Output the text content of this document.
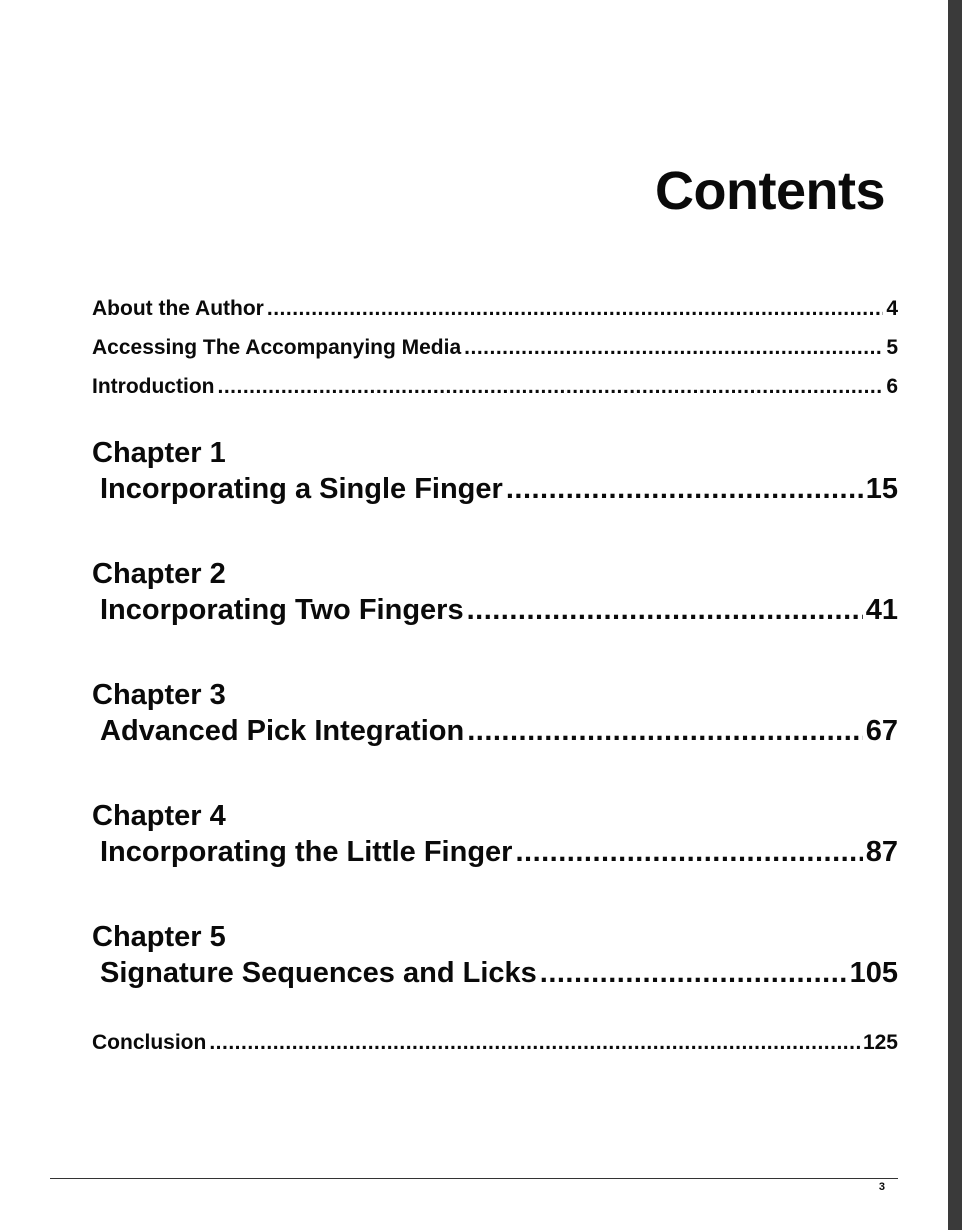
Contents
About the Author .....	4
Accessing The Accompanying Media .....	5
Introduction .....	6
Chapter 1
Incorporating a Single Finger .....	15
Chapter 2
Incorporating Two Fingers .....	41
Chapter 3
Advanced Pick Integration .....	67
Chapter 4
Incorporating the Little Finger .....	87
Chapter 5
Signature Sequences and Licks .....	105
Conclusion .....	125
3
